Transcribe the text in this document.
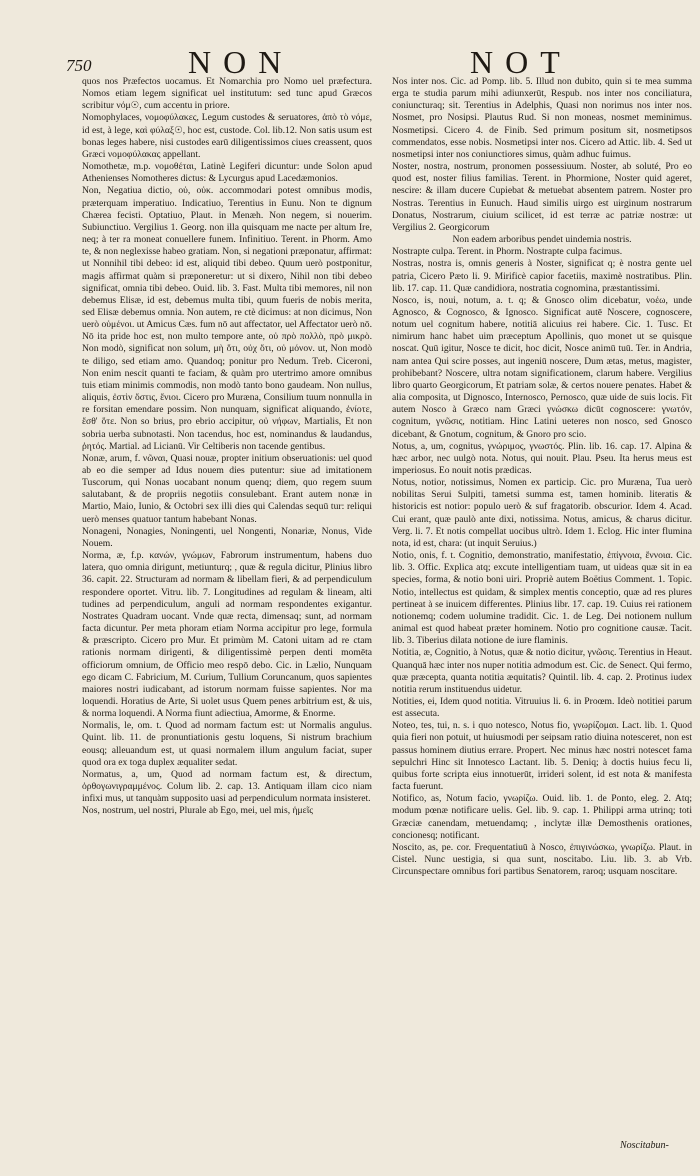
750	NON	NOT

quos nos Præfectos uocamus. Et Nomarchia pro Nomo uel præfectura. Nomos etiam legem significat uel institutum: sed tunc apud Græcos scribitur νόμ☉, cum accentu in priore.

Nomophylaces, νομοφύλακες, Legum custodes & seruatores, ἀπὸ τὸ νόμε, id est, à lege, καὶ φύλαξ☉, hoc est, custode. Col. lib.12. Non satis usum est bonas leges habere, nisi custodes earū diligentissimos ciues creassent, quos Græci νομοφύλακας appellant.

Nomothetæ, m.p. νομοθέται, Latinè Legiferi dicuntur: unde Solon apud Athenienses Nomotheres dictus: & Lycurgus apud Lacedæmonios.

Non, Negatiua dictio, οὐ, οὐκ. accommodari potest omnibus modis, præterquam imperatiuo. Indicatiuo, Terentius in Eunu. Non te dignum Chærea fecisti. Optatiuo, Plaut. in Menæh. Non negem, si nouerim. Subiunctiuo. Vergilius 1. Georg. non illa quisquam me nacte per altum Ire, neq; à ter ra moneat conuellere funem. Infinitiuo. Terent. in Phorm. Amo te, & non neglexisse habeo gratiam. Non, si negationi præponatur, affirmat: ut Nonnihil tibi debeo: id est, aliquid tibi debeo. Quum uerò postponitur, magis affirmat quàm si præponeretur: ut si dixero, Nihil non tibi debeo significat, omnia tibi debeo. Ouid. lib. 3. Fast. Multa tibi memores, nil non debemus Elisæ, id est, debemus multa tibi, quum fueris de nobis merita, sed Elisæ debemus omnia. Non autem, re ctè dicimus: at non dicimus, Non uerò οὐμένοι. ut Amicus Cæs. fum nō aut affectator, uel Affectator uerò nō. Nō ita pride hoc est, non multo tempore ante, οὐ πρὸ πολλὸ, πρὸ μικρὸ. Non modò, significat non solum, μὴ ὅτι, οὐχ ὅτι, οὐ μόνον. ut, Non modò te diligo, sed etiam amo. Quandoq; ponitur pro Nedum. Treb. Ciceroni, Non enim nescit quanti te faciam, & quàm pro utertrimo amore omnibus tuis etiam minimis commodis, non modò tanto bono gaudeam. Non nullus, aliquis, ἐστὶν ὅστις, ἔνιοι. Cicero pro Muræna, Consilium tuum nonnulla in re forsitan emendare possim. Non nunquam, significat aliquando, ἐνίοτε, ἔσθ' ὅτε. Non so brius, pro ebrio accipitur, οὐ νήφων, Martialis, Et non sobria uerba subnotasti. Non tacendus, hoc est, nominandus & laudandus, ῥητός. Martial. ad Licianū. Vir Celtiberis non tacende gentibus.

Nonæ, arum, f. νῶναι, Quasi nouæ, propter initium obseruationis: uel quod ab eo die semper ad Idus nouem dies putentur: siue ad imitationem Tuscorum, qui Nonas uocabant nonum quenq; diem, quo regem suum salutabant, & de propriis negotiis consulebant. Erant autem nonæ in Martio, Maio, Iunio, & Octobri sex illi dies qui Calendas sequū tur: reliqui uerò menses quatuor tantum habebant Nonas.

Nonageni, Nonagies, Noningenti, uel Nongenti, Nonariæ, Nonus, Vide Nouem.

Norma, æ, f.p. κανών, γνώμων, Fabrorum instrumentum, habens duo latera, quo omnia dirigunt, metiunturq; , quæ & regula dicitur, Plinius libro 36. capit. 22. Structuram ad normam & libellam fieri, & ad perpendiculum respondere oportet. Vitru. lib. 7. Longitudines ad regulam & lineam, alti tudines ad perpendiculum, anguli ad normam respondentes exigantur. Nostrates Quadram uocant. Vnde quæ recta, dimensaq; sunt, ad normam facta dicuntur. Per meta phoram etiam Norma accipitur pro lege, formula & præscripto. Cicero pro Mur. Et primùm M. Catoni uitam ad re ctam rationis normam dirigenti, & diligentissimè perpen denti momēta officiorum omnium, de Officio meo respō debo. Cic. in Lælio, Nunquam ego dicam C. Fabricium, M. Curium, Tullium Coruncanum, quos sapientes maiores nostri iudicabant, ad istorum normam fuisse sapientes. Nor ma loquendi. Horatius de Arte, Si uolet usus Quem penes arbitrium est, & uis, & norma loquendi. A Norma fiunt adiectiua, Amorme, & Enorme.

Normalis, le, om. t. Quod ad normam factum est: ut Normalis angulus. Quint. lib. 11. de pronuntiationis gestu loquens, Si nistrum brachium eousq; alleuandum est, ut quasi normalem illum angulum faciat, super quod ora ex toga duplex æqualiter sedat.

Normatus, a, um, Quod ad normam factum est, & directum, ὀρθογωνιγραμμένος. Colum lib. 2. cap. 13. Antiquam illam cico niam infixi mus, ut tanquàm supposito uasi ad perpendiculum normata insisteret.

Nos, nostrum, uel nostri, Plurale ab Ego, mei, uel mis, ἡμεῖς

Nos inter nos. Cic. ad Pomp. lib. 5. Illud non dubito, quin si te mea summa erga te studia parum mihi adiunxerūt, Respub. nos inter nos conciliatura, coniuncturaq; sit. Terentius in Adelphis, Quasi non norimus nos inter nos. Nosmet, pro Nosipsi. Plautus Rud. Si non moneas, nosmet meminimus. Nosmetipsi. Cicero 4. de Finib. Sed primum positum sit, nosmetipsos commendatos, esse nobis. Nosmetipsi inter nos. Cicero ad Attic. lib. 4. Sed ut nosmetipsi inter nos coniunctiores simus, quàm adhuc fuimus.

Noster, nostra, nostrum, pronomen possessiuum. Noster, ab soluté, Pro eo quod est, noster filius familias. Terent. in Phormione, Noster quid ageret, nescire: & illam ducere Cupiebat & metuebat absentem patrem. Noster pro Nostras. Terentius in Eunuch. Haud similis uirgo est uirginum nostrarum Donatus, Nostrarum, ciuium scilicet, id est terræ ac patriæ nostræ: ut Vergilius 2. Georgicorum

Non eadem arboribus pendet uindemia nostris.

Nostrapte culpa. Terent. in Phorm. Nostrapte culpa facimus.

Nostras, nostra is, omnis generis à Noster, significat q; è nostra gente uel patria, Cicero Pæto li. 9. Mirificè capior facetiis, maximè nostratibus. Plin. lib. 17. cap. 11. Quæ candidiora, nostratia cognomina, præstantissimi.

Nosco, is, noui, notum, a. t. q; & Gnosco olim dicebatur, νοέω, unde Agnosco, & Cognosco, & Ignosco. Significat autē Noscere, cognoscere, notum uel cognitum habere, notitiā alicuius rei habere. Cic. 1. Tusc. Et nimirum hanc habet uim præceptum Apollinis, quo monet ut se quisque noscat. Quū igitur, Nosce te dicit, hoc dicit, Nosce animū tuū. Ter. in Andria, nam antea Qui scire posses, aut ingeniū noscere, Dum ætas, metus, magister, prohibebant? Noscere, ultra notam significationem, clarum habere. Vergilius libro quarto Georgicorum, Et patriam solæ, & certos nouere penates. Habet & alia composita, ut Dignosco, Internosco, Pernosco, quæ uide de suis locis. Fit autem Nosco à Græco nam Græci γνώσκω dicūt cognoscere: γνωτόν, cognitum, γνῶσις, notitiam. Hinc Latini ueteres non nosco, sed Gnosco dicebant, & Gnotum, cognitum, & Gnoro pro scio.

Notus, a, um, cognitus, γνώριμος, γνωστός. Plin. lib. 16. cap. 17. Alpina & hæc arbor, nec uulgò nota. Notus, qui nouit. Plau. Pseu. Ita herus meus est imperiosus. Eo nouit notis prædicas.

Notus, notior, notissimus, Nomen ex particip. Cic. pro Muræna, Tua uerò nobilitas Serui Sulpiti, tametsi summa est, tamen hominib. literatis & historicis est notior: populo uerò & suf fragatorib. obscurior. Idem 4. Acad. Cui erant, quæ paulò ante dixi, notissima. Notus, amicus, & charus dicitur. Verg. li. 7. Et notis compellat uocibus ultrò. Idem 1. Eclog. Hic inter flumina nota, id est, chara: (ut inquit Seruius.)

Notio, onis, f. t. Cognitio, demonstratio, manifestatio, ἐπίγνοια, ἔννοια. Cic. lib. 3. Offic. Explica atq; excute intelligentiam tuam, ut uideas quæ sit in ea species, forma, & notio boni uiri. Propriè autem Boëtius Comment. 1. Topic. Notio, intellectus est quidam, & simplex mentis conceptio, quæ ad res plures pertineat à se inuicem differentes. Plinius libr. 17. cap. 19. Cuius rei rationem notionemq; codem uolumine tradidit. Cic. 1. de Leg. Dei notionem nullum animal est quod habeat præter hominem. Notio pro cognitione causæ. Tacit. lib. 3. Tiberius dilata notione de iure flaminis.

Notitia, æ, Cognitio, à Notus, quæ & notio dicitur, γνῶσις. Terentius in Heaut. Quanquā hæc inter nos nuper notitia admodum est. Cic. de Senect. Qui fermo, quæ præcepta, quanta notitia æquitatis? Quintil. lib. 4. cap. 2. Protinus iudex notitia rerum instituendus uidetur.

Notities, ei, Idem quod notitia. Vitruuius li. 6. in Proœm. Ideò notitiei parum est assecuta.

Noteo, tes, tui, n. s. i quo notesco, Notus fio, γνωρίζομαι. Lact. lib. 1. Quod quia fieri non potuit, ut huiusmodi per seipsam ratio diuina notesceret, non est passus hominem diutius errare. Propert. Nec minus hæc nostri notescet fama sepulchri Hinc sit Innotesco Lactant. lib. 5. Deniq; à doctis huius fecu li, quibus forte scripta eius innotuerūt, irrideri solent, id est nota & manifesta facta fuerunt.

Notifico, as, Notum facio, γνωρίζω. Ouid. lib. 1. de Ponto, eleg. 2. Atq; modum pœnæ notificare uelis. Gel. lib. 9. cap. 1. Philippi arma utrinq; toti Græciæ canendam, metuendamq; , inclytæ illæ Demosthenis orationes, concionesq; notificant.

Noscito, as, pe. cor. Frequentatiuū à Nosco, ἐπιγινώσκω, γνωρίζω. Plaut. in Cistel. Nunc uestigia, si qua sunt, noscitabo. Liu. lib. 3. ab Vrb. Circunspectare omnibus fori partibus Senatorem, raroq; usquam noscitare.

Noscitabun-
